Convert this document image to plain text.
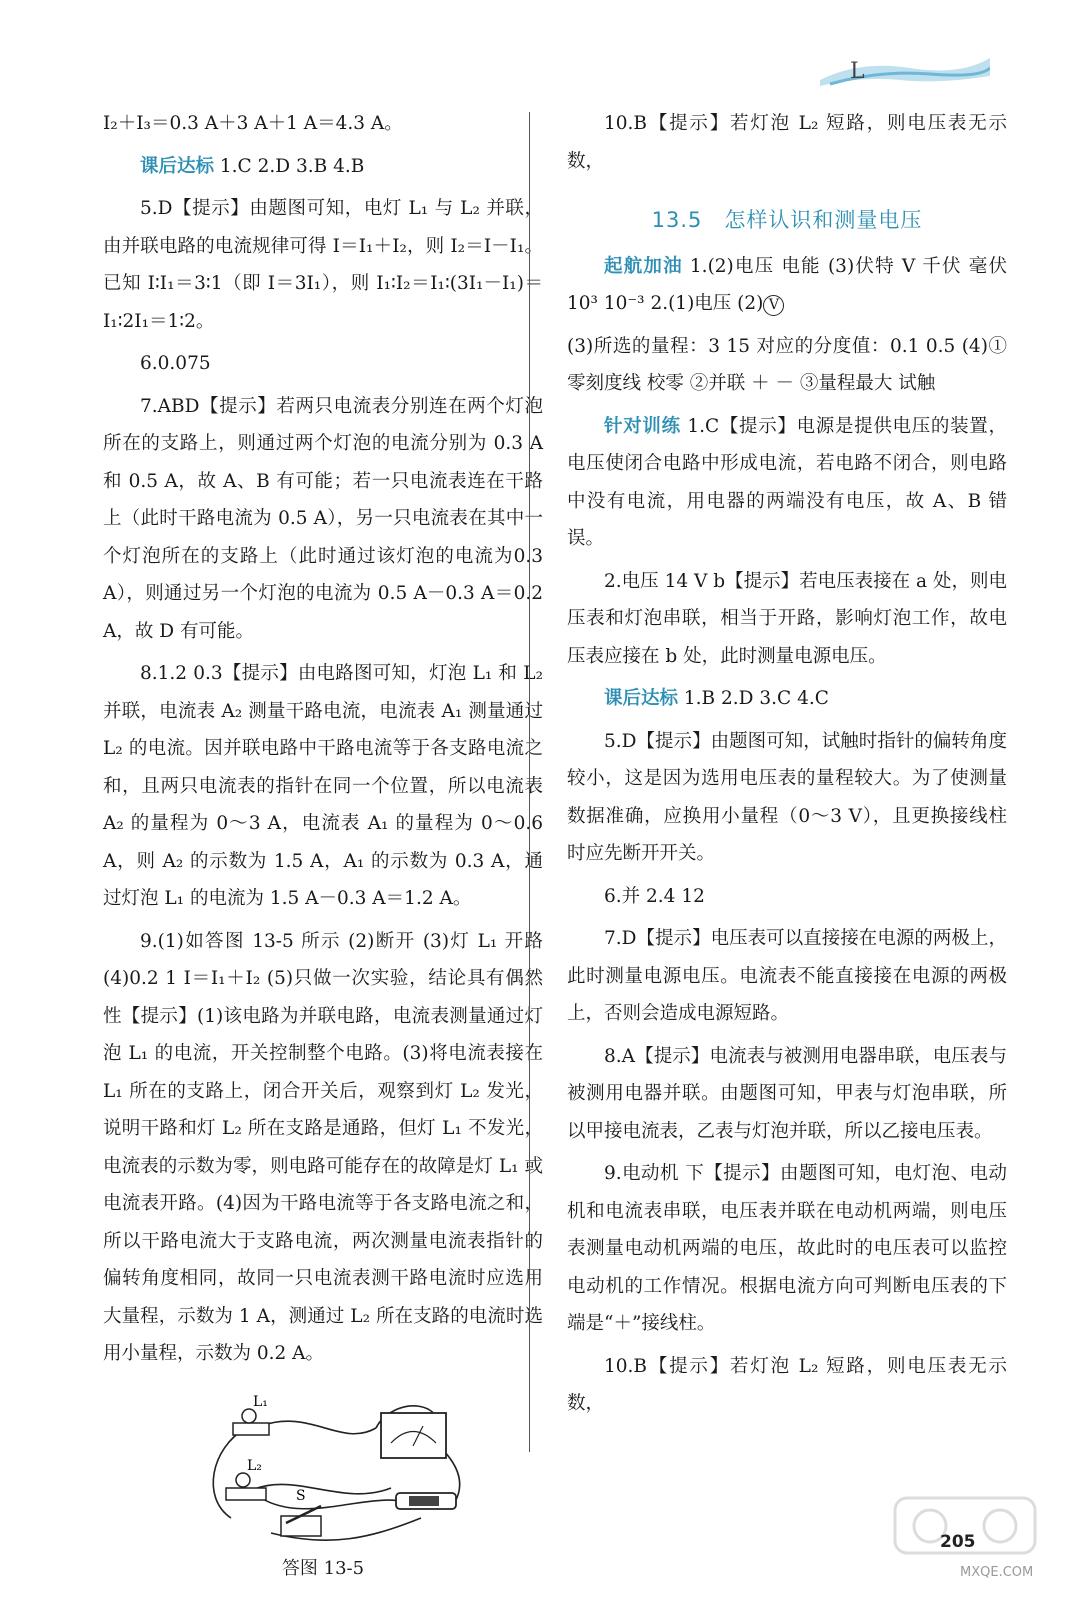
L

I₂＋I₃＝0.3 A＋3 A＋1 A＝4.3 A。

课后达标 1.C 2.D 3.B 4.B

5.D【提示】由题图可知，电灯 L₁ 与 L₂ 并联，由并联电路的电流规律可得 I＝I₁＋I₂，则 I₂＝I－I₁。已知 I∶I₁＝3∶1（即 I＝3I₁），则 I₁∶I₂＝I₁∶(3I₁－I₁)＝I₁∶2I₁＝1∶2。

6.0.075

7.ABD【提示】若两只电流表分别连在两个灯泡所在的支路上，则通过两个灯泡的电流分别为 0.3 A 和 0.5 A，故 A、B 有可能；若一只电流表连在干路上（此时干路电流为 0.5 A），另一只电流表在其中一个灯泡所在的支路上（此时通过该灯泡的电流为0.3 A），则通过另一个灯泡的电流为 0.5 A－0.3 A＝0.2 A，故 D 有可能。

8.1.2 0.3【提示】由电路图可知，灯泡 L₁ 和 L₂ 并联，电流表 A₂ 测量干路电流，电流表 A₁ 测量通过 L₂ 的电流。因并联电路中干路电流等于各支路电流之和，且两只电流表的指针在同一个位置，所以电流表 A₂ 的量程为 0～3 A，电流表 A₁ 的量程为 0～0.6 A，则 A₂ 的示数为 1.5 A，A₁ 的示数为 0.3 A，通过灯泡 L₁ 的电流为 1.5 A－0.3 A＝1.2 A。

9.(1)如答图 13-5 所示 (2)断开 (3)灯 L₁ 开路 (4)0.2 1 I＝I₁＋I₂ (5)只做一次实验，结论具有偶然性【提示】(1)该电路为并联电路，电流表测量通过灯泡 L₁ 的电流，开关控制整个电路。(3)将电流表接在 L₁ 所在的支路上，闭合开关后，观察到灯 L₂ 发光，说明干路和灯 L₂ 所在支路是通路，但灯 L₁ 不发光，电流表的示数为零，则电路可能存在的故障是灯 L₁ 或电流表开路。(4)因为干路电流等于各支路电流之和，所以干路电流大于支路电流，两次测量电流表指针的偏转角度相同，故同一只电流表测干路电流时应选用大量程，示数为 1 A，测通过 L₂ 所在支路的电流时选用小量程，示数为 0.2 A。

L₁
L₂
S
答图 13-5

10.B【提示】若灯泡 L₂ 短路，则电压表无示数，

13.5　怎样认识和测量电压

起航加油 1.(2)电压 电能 (3)伏特 V 千伏 毫伏 10³ 10⁻³ 2.(1)电压 (2) V

(3)所选的量程：3 15 对应的分度值：0.1 0.5 (4)①零刻度线 校零 ②并联 ＋ － ③量程最大 试触

针对训练 1.C【提示】电源是提供电压的装置，电压使闭合电路中形成电流，若电路不闭合，则电路中没有电流，用电器的两端没有电压，故 A、B 错误。

2.电压 14 V b【提示】若电压表接在 a 处，则电压表和灯泡串联，相当于开路，影响灯泡工作，故电压表应接在 b 处，此时测量电源电压。

课后达标 1.B 2.D 3.C 4.C

5.D【提示】由题图可知，试触时指针的偏转角度较小，这是因为选用电压表的量程较大。为了使测量数据准确，应换用小量程（0～3 V），且更换接线柱时应先断开开关。

6.并 2.4 12

7.D【提示】电压表可以直接接在电源的两极上，此时测量电源电压。电流表不能直接接在电源的两极上，否则会造成电源短路。

8.A【提示】电流表与被测用电器串联，电压表与被测用电器并联。由题图可知，甲表与灯泡串联，所以甲接电流表，乙表与灯泡并联，所以乙接电压表。

9.电动机 下【提示】由题图可知，电灯泡、电动机和电流表串联，电压表并联在电动机两端，则电压表测量电动机两端的电压，故此时的电压表可以监控电动机的工作情况。根据电流方向可判断电压表的下端是“＋”接线柱。

10.B【提示】若灯泡 L₂ 短路，则电压表无示数，

205
MXQE.COM
